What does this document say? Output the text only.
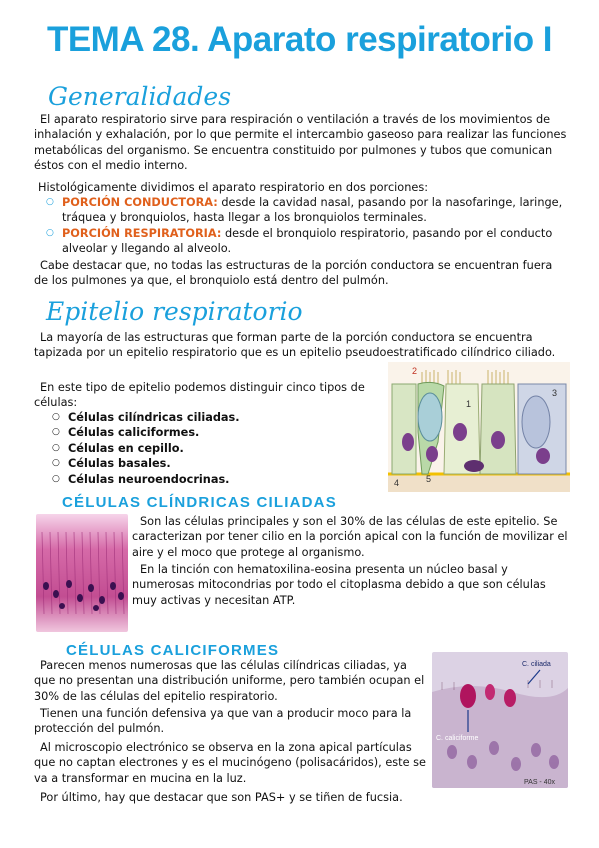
TEMA 28. Aparato respiratorio I
Generalidades
El aparato respiratorio sirve para respiración o ventilación a través de los movimientos de inhalación y exhalación, por lo que permite el intercambio gaseoso para realizar las funciones metabólicas del organismo. Se encuentra constituido por pulmones y tubos que comunican éstos con el medio interno.
Histológicamente dividimos el aparato respiratorio en dos porciones:
○ PORCIÓN CONDUCTORA: desde la cavidad nasal, pasando por la nasofaringe, laringe, tráquea y bronquiolos, hasta llegar a los bronquiolos terminales.
○ PORCIÓN RESPIRATORIA: desde el bronquiolo respiratorio, pasando por el conducto alveolar y llegando al alveolo.
Cabe destacar que, no todas las estructuras de la porción conductora se encuentran fuera de los pulmones ya que, el bronquiolo está dentro del pulmón.
Epitelio respiratorio
La mayoría de las estructuras que forman parte de la porción conductora se encuentra tapizada por un epitelio respiratorio que es un epitelio pseudoestratificado cilíndrico ciliado.
En este tipo de epitelio podemos distinguir cinco tipos de células:
○ Células cilíndricas ciliadas.
○ Células caliciformes.
○ Células en cepillo.
○ Células basales.
○ Células neuroendocrinas.
1
2
3
4	5
CÉLULAS CLÍNDRICAS CILIADAS
Son las células principales y son el 30% de las células de este epitelio. Se caracterizan por tener cilio en la porción apical con la función de movilizar el aire y el moco que protege al organismo.
En la tinción con hematoxilina-eosina presenta un núcleo basal y numerosas mitocondrias por todo el citoplasma debido a que son células muy activas y necesitan ATP.
CÉLULAS CALICIFORMES
Parecen menos numerosas que las células cilíndricas ciliadas, ya que no presentan una distribución uniforme, pero también ocupan el 30% de las células del epitelio respiratorio.
Tienen una función defensiva ya que van a producir moco para la protección del pulmón.
Al microscopio electrónico se observa en la zona apical partículas que no captan electrones y es el mucinógeno (polisacáridos), este se va a transformar en mucina en la luz.
Por último, hay que destacar que son PAS+ y se tiñen de fucsia.
C. ciliada
C. caliciforme
PAS - 40x
